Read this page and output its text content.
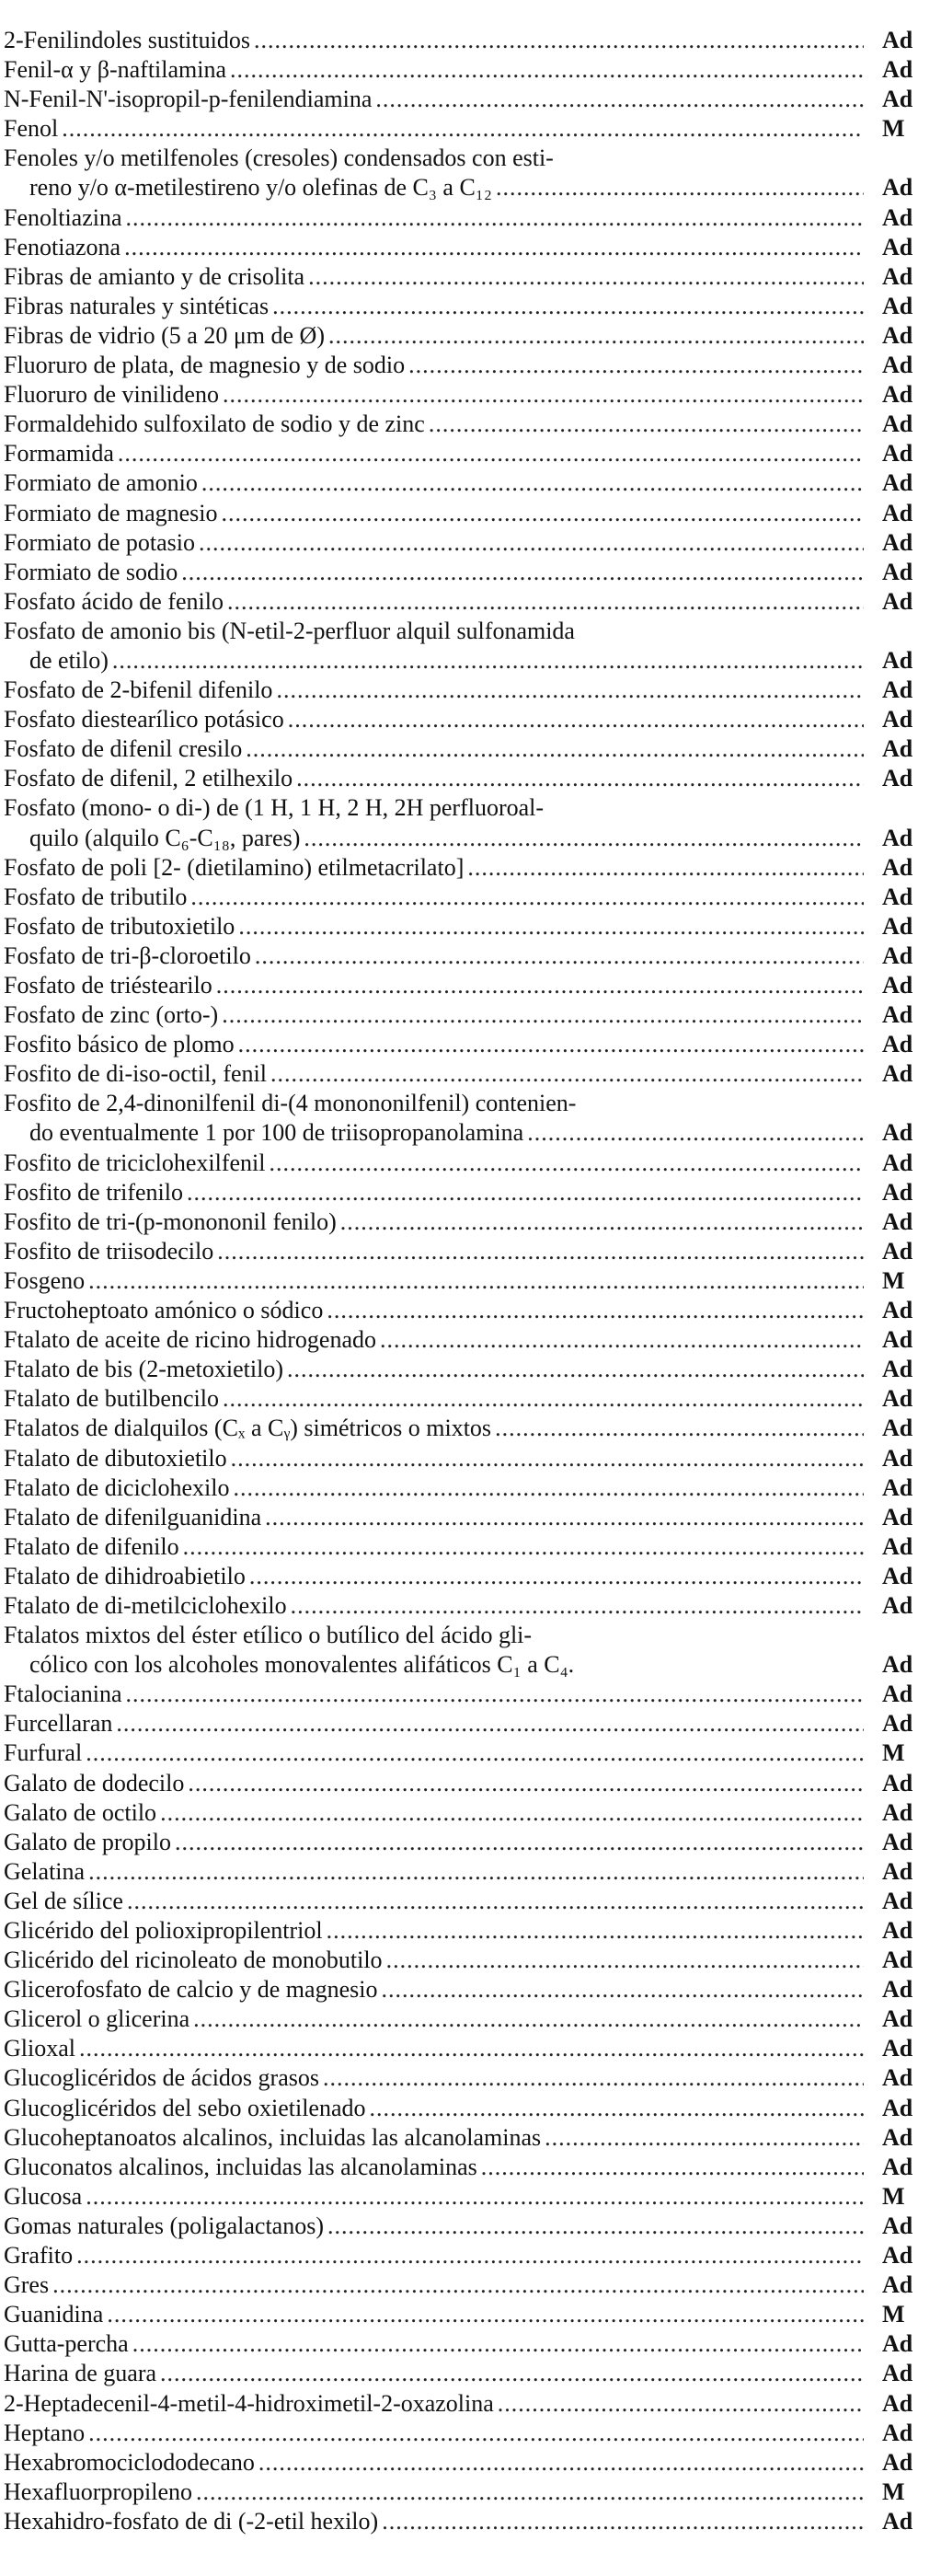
2-Fenilindoles sustituidos .....	Ad
Fenil-α y β-naftilamina .....	Ad
N-Fenil-N'-isopropil-p-fenilendiamina .....	Ad
Fenol .....	M
Fenoles y/o metilfenoles (cresoles) condensados con esti-
reno y/o α-metilestireno y/o olefinas de C₃ a C₁₂ .....	Ad
Fenoltiazina .....	Ad
Fenotiazona .....	Ad
Fibras de amianto y de crisolita .....	Ad
Fibras naturales y sintéticas .....	Ad
Fibras de vidrio (5 a 20 μm de Ø) .....	Ad
Fluoruro de plata, de magnesio y de sodio .....	Ad
Fluoruro de vinilideno .....	Ad
Formaldehido sulfoxilato de sodio y de zinc .....	Ad
Formamida .....	Ad
Formiato de amonio .....	Ad
Formiato de magnesio .....	Ad
Formiato de potasio .....	Ad
Formiato de sodio .....	Ad
Fosfato ácido de fenilo .....	Ad
Fosfato de amonio bis (N-etil-2-perfluor alquil sulfonamida
de etilo) .....	Ad
Fosfato de 2-bifenil difenilo .....	Ad
Fosfato diestearílico potásico .....	Ad
Fosfato de difenil cresilo .....	Ad
Fosfato de difenil, 2 etilhexilo .....	Ad
Fosfato (mono- o di-) de (1 H, 1 H, 2 H, 2H perfluoroal-
quilo (alquilo C₆-C₁₈, pares) .....	Ad
Fosfato de poli [2- (dietilamino) etilmetacrilato] .....	Ad
Fosfato de tributilo .....	Ad
Fosfato de tributoxietilo .....	Ad
Fosfato de tri-β-cloroetilo .....	Ad
Fosfato de triéstearilo .....	Ad
Fosfato de zinc (orto-) .....	Ad
Fosfito básico de plomo .....	Ad
Fosfito de di-iso-octil, fenil .....	Ad
Fosfito de 2,4-dinonilfenil di-(4 monononilfenil) contenien-
do eventualmente 1 por 100 de triisopropanolamina .....	Ad
Fosfito de triciclohexilfenil .....	Ad
Fosfito de trifenilo .....	Ad
Fosfito de tri-(p-monononil fenilo) .....	Ad
Fosfito de triisodecilo .....	Ad
Fosgeno .....	M
Fructoheptoato amónico o sódico .....	Ad
Ftalato de aceite de ricino hidrogenado .....	Ad
Ftalato de bis (2-metoxietilo) .....	Ad
Ftalato de butilbencilo .....	Ad
Ftalatos de dialquilos (Cₓ a Cᵧ) simétricos o mixtos .....	Ad
Ftalato de dibutoxietilo .....	Ad
Ftalato de diciclohexilo .....	Ad
Ftalato de difenilguanidina .....	Ad
Ftalato de difenilo .....	Ad
Ftalato de dihidroabietilo .....	Ad
Ftalato de di-metilciclohexilo .....	Ad
Ftalatos mixtos del éster etílico o butílico del ácido gli-
cólico con los alcoholes monovalentes alifáticos C₁ a C₄.	Ad
Ftalocianina .....	Ad
Furcellaran .....	Ad
Furfural .....	M
Galato de dodecilo .....	Ad
Galato de octilo .....	Ad
Galato de propilo .....	Ad
Gelatina .....	Ad
Gel de sílice .....	Ad
Glicérido del polioxipropilentriol .....	Ad
Glicérido del ricinoleato de monobutilo .....	Ad
Glicerofosfato de calcio y de magnesio .....	Ad
Glicerol o glicerina .....	Ad
Glioxal .....	Ad
Glucoglicéridos de ácidos grasos .....	Ad
Glucoglicéridos del sebo oxietilenado .....	Ad
Glucoheptanoatos alcalinos, incluidas las alcanolaminas .....	Ad
Gluconatos alcalinos, incluidas las alcanolaminas .....	Ad
Glucosa .....	M
Gomas naturales (poligalactanos) .....	Ad
Grafito .....	Ad
Gres .....	Ad
Guanidina .....	M
Gutta-percha .....	Ad
Harina de guara .....	Ad
2-Heptadecenil-4-metil-4-hidroximetil-2-oxazolina .....	Ad
Heptano .....	Ad
Hexabromociclododecano .....	Ad
Hexafluorpropileno .....	M
Hexahidro-fosfato de di (-2-etil hexilo) .....	Ad
